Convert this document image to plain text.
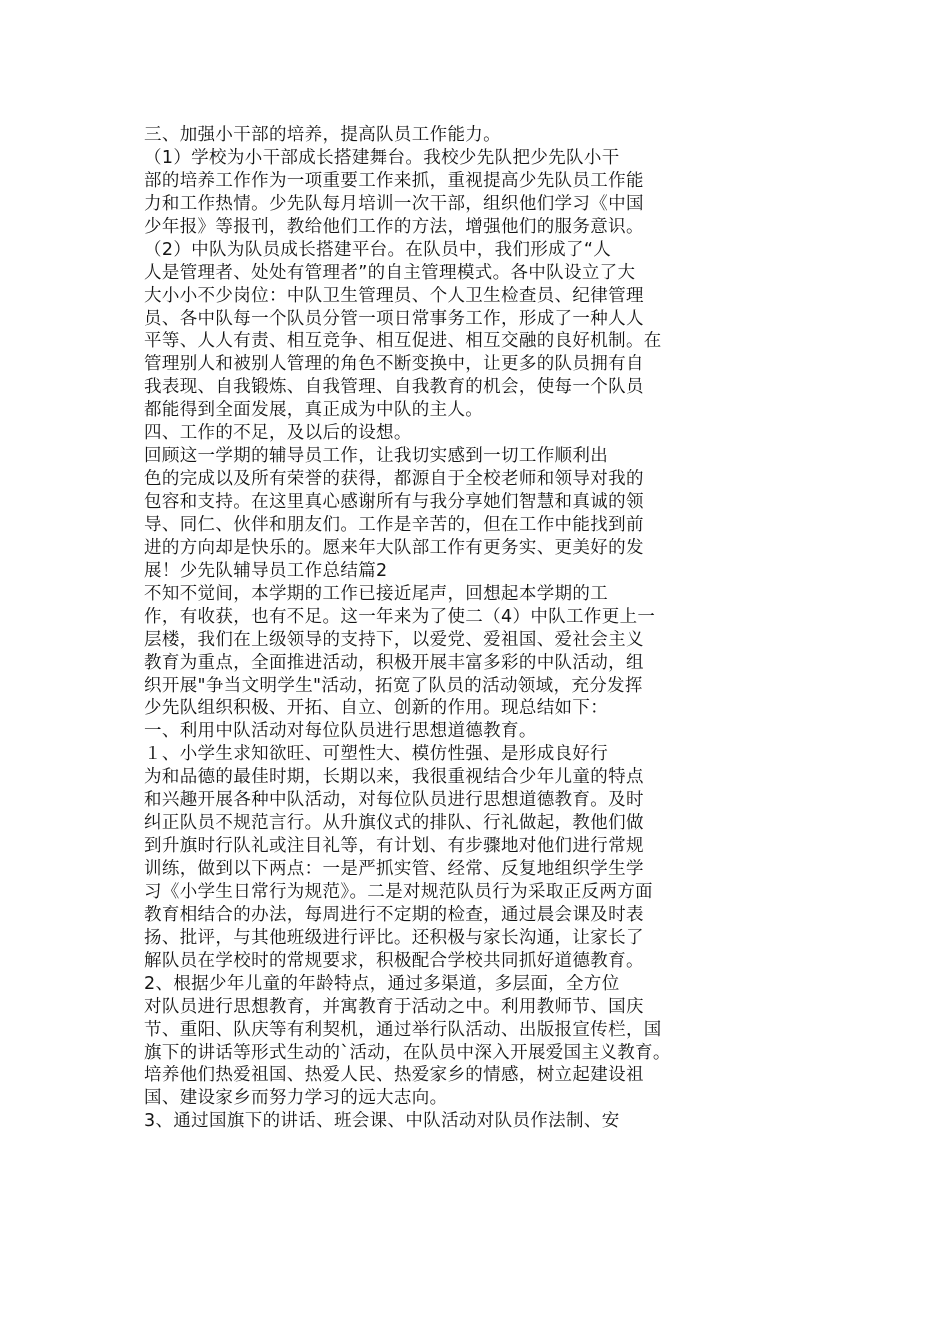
三、加强小干部的培养，提高队员工作能力。
（1）学校为小干部成长搭建舞台。我校少先队把少先队小干
部的培养工作作为一项重要工作来抓，重视提高少先队员工作能
力和工作热情。少先队每月培训一次干部，组织他们学习《中国
少年报》等报刊，教给他们工作的方法，增强他们的服务意识。
（2）中队为队员成长搭建平台。在队员中，我们形成了“人
人是管理者、处处有管理者”的自主管理模式。各中队设立了大
大小小不少岗位：中队卫生管理员、个人卫生检查员、纪律管理
员、各中队每一个队员分管一项日常事务工作，形成了一种人人
平等、人人有责、相互竞争、相互促进、相互交融的良好机制。在
管理别人和被别人管理的角色不断变换中，让更多的队员拥有自
我表现、自我锻炼、自我管理、自我教育的机会，使每一个队员
都能得到全面发展，真正成为中队的主人。
四、工作的不足，及以后的设想。
回顾这一学期的辅导员工作，让我切实感到一切工作顺利出
色的完成以及所有荣誉的获得，都源自于全校老师和领导对我的
包容和支持。在这里真心感谢所有与我分享她们智慧和真诚的领
导、同仁、伙伴和朋友们。工作是辛苦的，但在工作中能找到前
进的方向却是快乐的。愿来年大队部工作有更务实、更美好的发
展！少先队辅导员工作总结篇2
不知不觉间，本学期的工作已接近尾声，回想起本学期的工
作，有收获，也有不足。这一年来为了使二（4）中队工作更上一
层楼，我们在上级领导的支持下，以爱党、爱祖国、爱社会主义
教育为重点，全面推进活动，积极开展丰富多彩的中队活动，组
织开展"争当文明学生"活动，拓宽了队员的活动领域，充分发挥
少先队组织积极、开拓、自立、创新的作用。现总结如下：
一、利用中队活动对每位队员进行思想道德教育。
１、小学生求知欲旺、可塑性大、模仿性强、是形成良好行
为和品德的最佳时期，长期以来，我很重视结合少年儿童的特点
和兴趣开展各种中队活动，对每位队员进行思想道德教育。及时
纠正队员不规范言行。从升旗仪式的排队、行礼做起，教他们做
到升旗时行队礼或注目礼等，有计划、有步骤地对他们进行常规
训练，做到以下两点：一是严抓实管、经常、反复地组织学生学
习《小学生日常行为规范》。二是对规范队员行为采取正反两方面
教育相结合的办法，每周进行不定期的检查，通过晨会课及时表
扬、批评，与其他班级进行评比。还积极与家长沟通，让家长了
解队员在学校时的常规要求，积极配合学校共同抓好道德教育。
2、根据少年儿童的年龄特点，通过多渠道，多层面，全方位
对队员进行思想教育，并寓教育于活动之中。利用教师节、国庆
节、重阳、队庆等有利契机，通过举行队活动、出版报宣传栏，国
旗下的讲话等形式生动的`活动，在队员中深入开展爱国主义教育。
培养他们热爱祖国、热爱人民、热爱家乡的情感，树立起建设祖
国、建设家乡而努力学习的远大志向。
3、通过国旗下的讲话、班会课、中队活动对队员作法制、安
